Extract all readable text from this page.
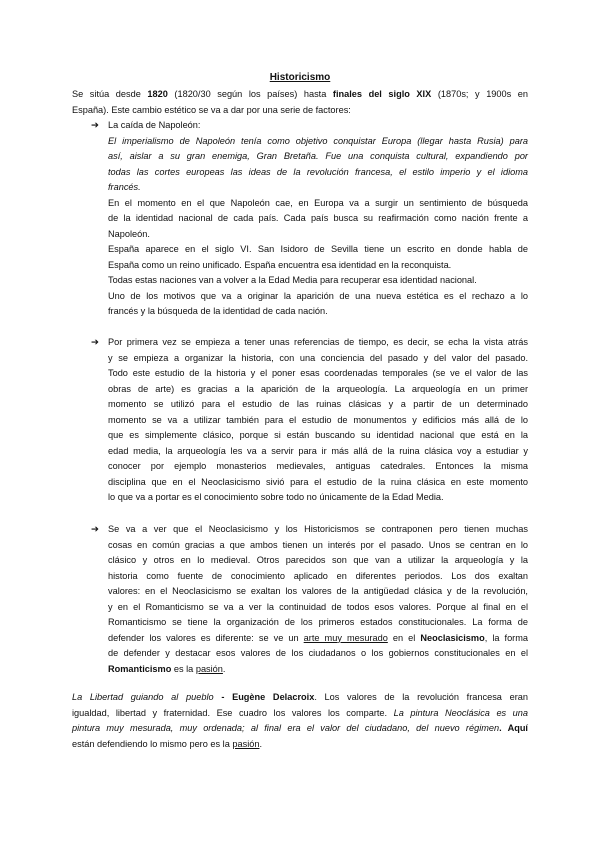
Historicismo
Se sitúa desde 1820 (1820/30 según los países) hasta finales del siglo XIX (1870s; y 1900s en
España). Este cambio estético se va a dar por una serie de factores:
➔ La caída de Napoleón:
El imperialismo de Napoleón tenía como objetivo conquistar Europa (llegar hasta Rusia) para
así, aislar a su gran enemiga, Gran Bretaña. Fue una conquista cultural, expandiendo por
todas las cortes europeas las ideas de la revolución francesa, el estilo imperio y el idioma
francés.
En el momento en el que Napoleón cae, en Europa va a surgir un sentimiento de búsqueda
de la identidad nacional de cada país. Cada país busca su reafirmación como nación frente a
Napoleón.
España aparece en el siglo VI. San Isidoro de Sevilla tiene un escrito en donde habla de
España como un reino unificado. España encuentra esa identidad en la reconquista.
Todas estas naciones van a volver a la Edad Media para recuperar esa identidad nacional.
Uno de los motivos que va a originar la aparición de una nueva estética es el rechazo a lo
francés y la búsqueda de la identidad de cada nación.
➔ Por primera vez se empieza a tener unas referencias de tiempo, es decir, se echa la vista atrás
y se empieza a organizar la historia, con una conciencia del pasado y del valor del pasado.
Todo este estudio de la historia y el poner esas coordenadas temporales (se ve el valor de las
obras de arte) es gracias a la aparición de la arqueología. La arqueología en un primer
momento se utilizó para el estudio de las ruinas clásicas y a partir de un determinado
momento se va a utilizar también para el estudio de monumentos y edificios más allá de lo
que es simplemente clásico, porque si están buscando su identidad nacional que está en la
edad media, la arqueología les va a servir para ir más allá de la ruina clásica voy a estudiar y
conocer por ejemplo monasterios medievales, antiguas catedrales. Entonces la misma
disciplina que en el Neoclasicismo sivió para el estudio de la ruina clásica en este momento
lo que va a portar es el conocimiento sobre todo no únicamente de la Edad Media.
➔ Se va a ver que el Neoclasicismo y los Historicismos se contraponen pero tienen muchas
cosas en común gracias a que ambos tienen un interés por el pasado. Unos se centran en lo
clásico y otros en lo medieval. Otros parecidos son que van a utilizar la arqueología y la
historia como fuente de conocimiento aplicado en diferentes periodos. Los dos exaltan
valores: en el Neoclasicismo se exaltan los valores de la antigüedad clásica y de la revolución,
y en el Romanticismo se va a ver la continuidad de todos esos valores. Porque al final en el
Romanticismo se tiene la organización de los primeros estados constitucionales. La forma de
defender los valores es diferente: se ve un arte muy mesurado en el Neoclasicismo, la forma
de defender y destacar esos valores de los ciudadanos o los gobiernos constitucionales en el
Romanticismo es la pasión.
La Libertad guiando al pueblo - Eugène Delacroix. Los valores de la revolución francesa eran
igualdad, libertad y fraternidad. Ese cuadro los valores los comparte. La pintura Neoclásica es una
pintura muy mesurada, muy ordenada; al final era el valor del ciudadano, del nuevo régimen. Aquí
están defendiendo lo mismo pero es la pasión.
